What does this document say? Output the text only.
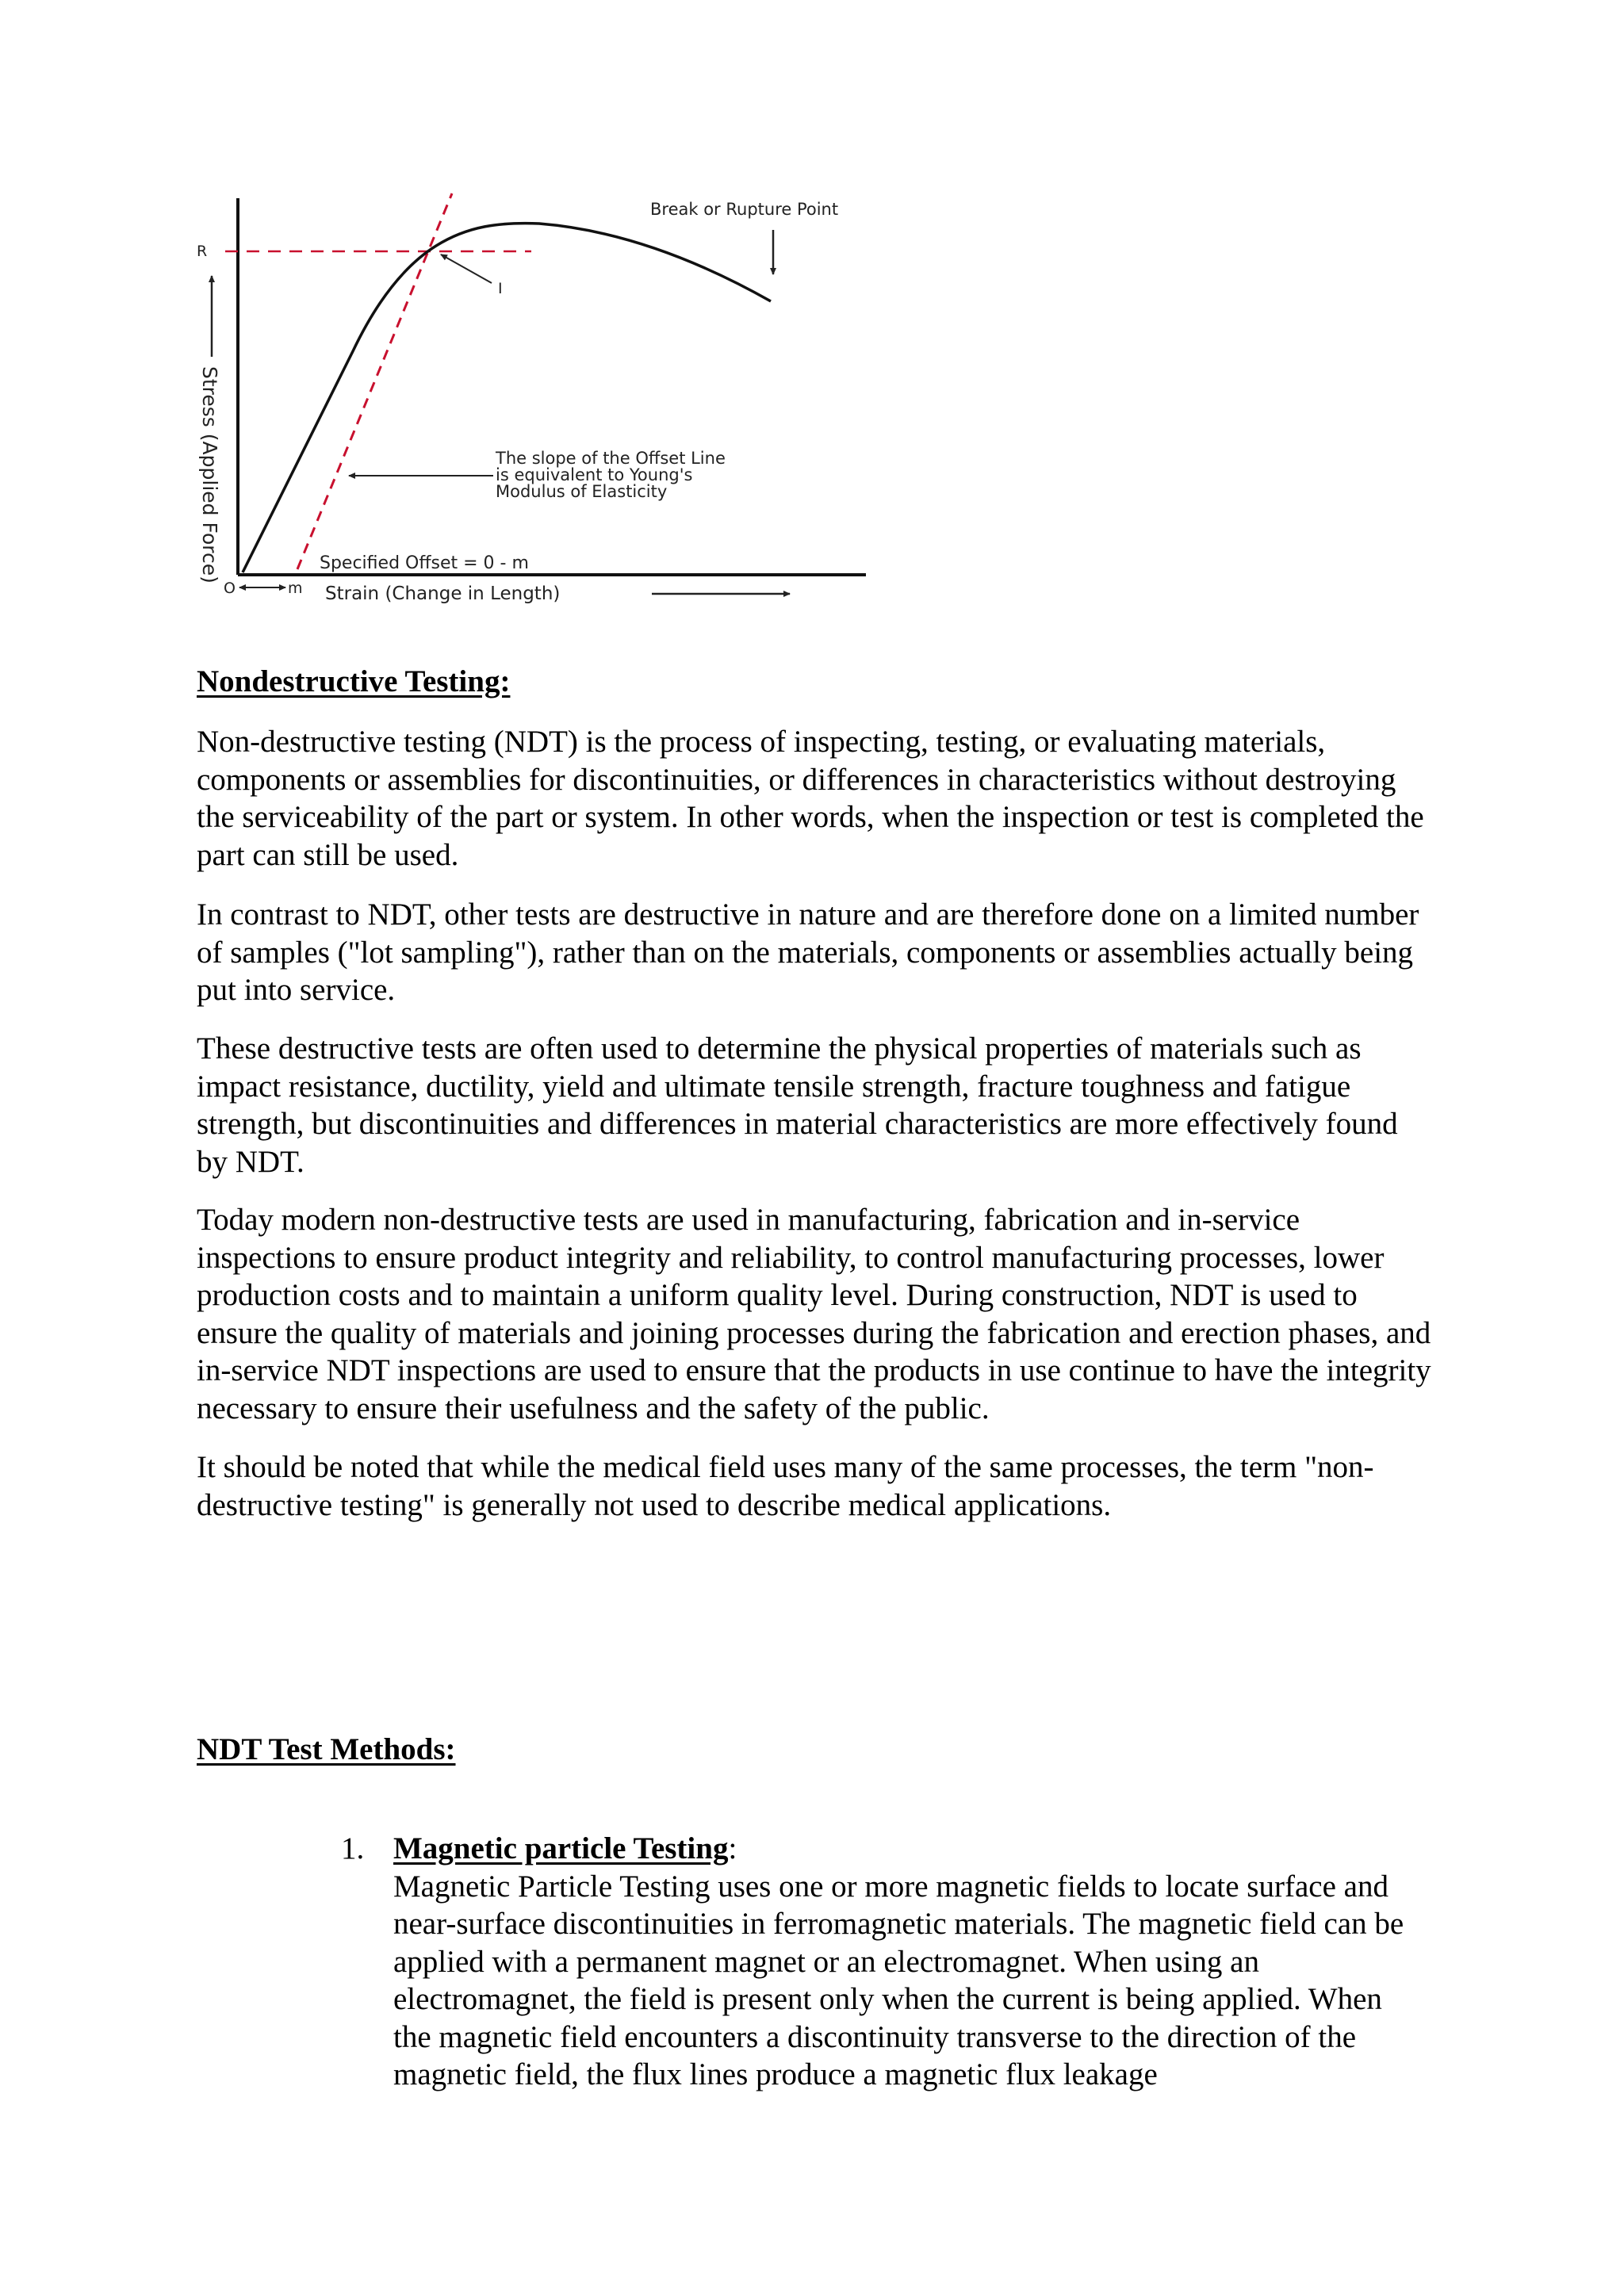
R
O	m
I
Break or Rupture Point
Specified Offset = 0 - m
Strain (Change in Length)
The slope of the Offset Line
is equivalent to Young's
Modulus of Elasticity
Stress (Applied Force)
Nondestructive Testing:

Non-destructive testing (NDT) is the process of inspecting, testing, or evaluating materials, components or assemblies for discontinuities, or differences in characteristics without destroying the serviceability of the part or system. In other words, when the inspection or test is completed the part can still be used.

In contrast to NDT, other tests are destructive in nature and are therefore done on a limited number of samples ("lot sampling"), rather than on the materials, components or assemblies actually being put into service.

These destructive tests are often used to determine the physical properties of materials such as impact resistance, ductility, yield and ultimate tensile strength, fracture toughness and fatigue strength, but discontinuities and differences in material characteristics are more effectively found by NDT.

Today modern non-destructive tests are used in manufacturing, fabrication and in-service inspections to ensure product integrity and reliability, to control manufacturing processes, lower production costs and to maintain a uniform quality level. During construction, NDT is used to ensure the quality of materials and joining processes during the fabrication and erection phases, and in-service NDT inspections are used to ensure that the products in use continue to have the integrity necessary to ensure their usefulness and the safety of the public.

It should be noted that while the medical field uses many of the same processes, the term "non-destructive testing" is generally not used to describe medical applications.

NDT Test Methods:
1. Magnetic particle Testing:
Magnetic Particle Testing uses one or more magnetic fields to locate surface and near-surface discontinuities in ferromagnetic materials. The magnetic field can be applied with a permanent magnet or an electromagnet. When using an electromagnet, the field is present only when the current is being applied. When the magnetic field encounters a discontinuity transverse to the direction of the magnetic field, the flux lines produce a magnetic flux leakage
